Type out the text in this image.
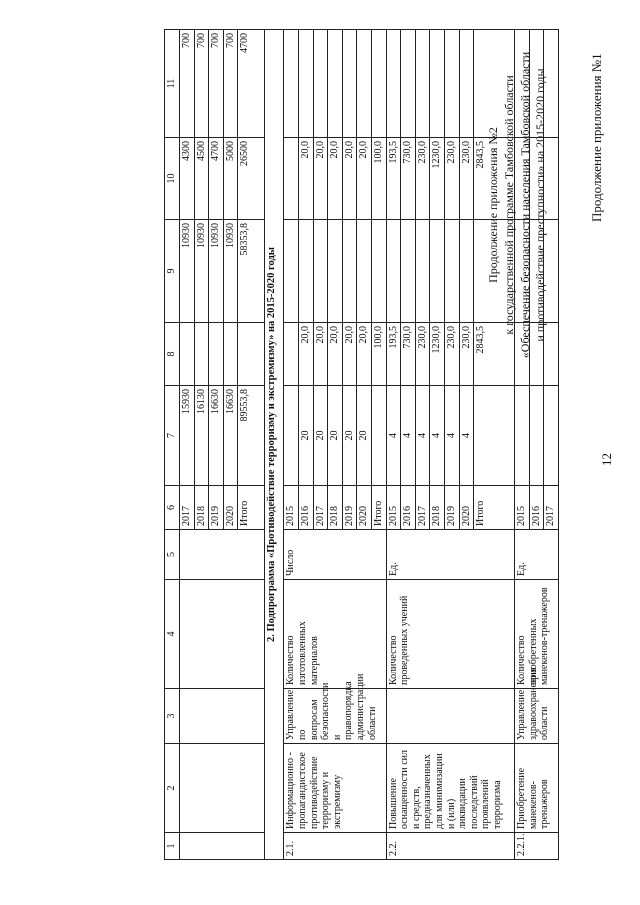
12
Продолжение приложения №1
Продолжение приложения №2 к государственной программе Тамбовской области «Обеспечение безопасности населения Тамбовской области и противодействие преступности» на 2015-2020 годы
1	2	3	4	5	6	7	8	9	10	11
					2017	15930		10930	4300	700
					2018	16130		10930	4500	700
					2019	16630		10930	4700	700
					2020	16630		10930	5000	700
					Итого	89553,8		58353,8	26500	4700
2. Подпрограмма «Противодействие терроризму и экстремизму» на 2015-2020 годы										
2.1.	Информационно - пропагандистское противодействие терроризму и экстремизму	Управление по вопросам безопасности и правопорядка администрации области	Количество изготовленных материалов	Число	2015					
					2016	20	20,0		20,0	
					2017	20	20,0		20,0	
					2018	20	20,0		20,0	
					2019	20	20,0		20,0	
					2020	20	20,0		20,0	
					Итого		100,0		100,0	
2.2.	Повышение оснащенности сил и средств, предназначенных для минимизации и (или) ликвидации последствий проявлений терроризма		Количество проведенных учений	Ед.	2015	4	193,5		193,5	
					2016	4	730,0		730,0	
					2017	4	230,0		230,0	
					2018	4	1230,0		1230,0	
					2019	4	230,0		230,0	
					2020	4	230,0		230,0	
					Итого		2843,5		2843,5	
2.2.1.	Приобретение манекенов-тренажеров	Управление здравоохранения области	Количество приобретенных манекенов-тренажеров	Ед.	2015					
					2016					
					2017					
